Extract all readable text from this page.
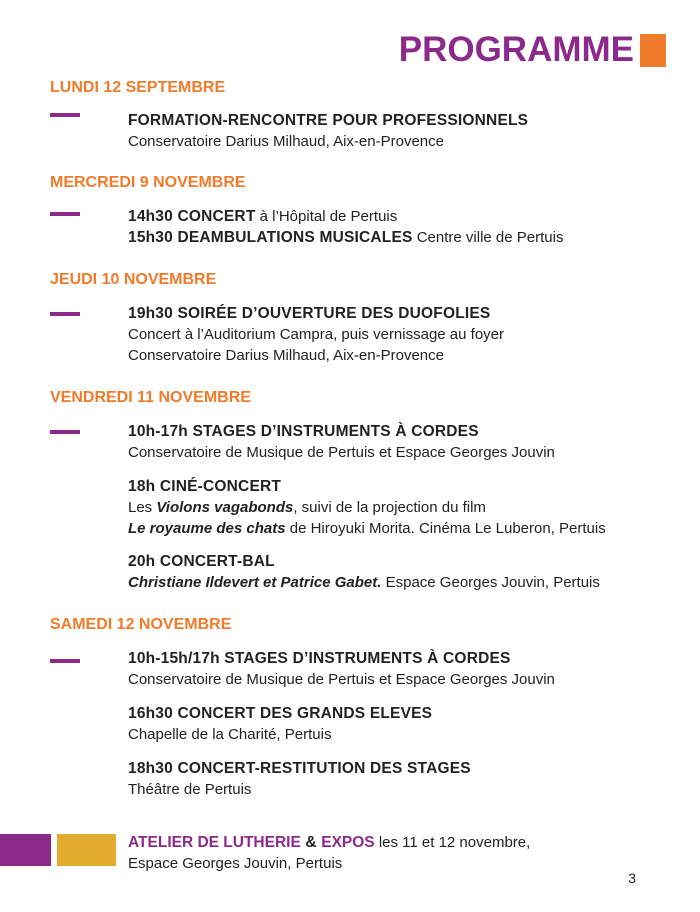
PROGRAMME
LUNDI 12 SEPTEMBRE
FORMATION-RENCONTRE POUR PROFESSIONNELS
Conservatoire Darius Milhaud, Aix-en-Provence
MERCREDI 9 NOVEMBRE
14h30 CONCERT à l’Hôpital de Pertuis
15h30 DEAMBULATIONS MUSICALES Centre ville de Pertuis
JEUDI 10 NOVEMBRE
19h30 SOIRÉE D’OUVERTURE DES DUOFOLIES
Concert à l’Auditorium Campra, puis vernissage au foyer
Conservatoire Darius Milhaud, Aix-en-Provence
VENDREDI 11 NOVEMBRE
10h-17h STAGES D’INSTRUMENTS À CORDES
Conservatoire de Musique de Pertuis et Espace Georges Jouvin
18h CINÉ-CONCERT
Les Violons vagabonds, suivi de la projection du film
Le royaume des chats de Hiroyuki Morita. Cinéma Le Luberon, Pertuis
20h CONCERT-BAL
Christiane Ildevert et Patrice Gabet. Espace Georges Jouvin, Pertuis
SAMEDI 12 NOVEMBRE
10h-15h/17h STAGES D’INSTRUMENTS À CORDES
Conservatoire de Musique de Pertuis et Espace Georges Jouvin
16h30 CONCERT DES GRANDS ELEVES
Chapelle de la Charité, Pertuis
18h30 CONCERT-RESTITUTION DES STAGES
Théâtre de Pertuis
ATELIER DE LUTHERIE & EXPOS les 11 et 12 novembre,
Espace Georges Jouvin, Pertuis
3
